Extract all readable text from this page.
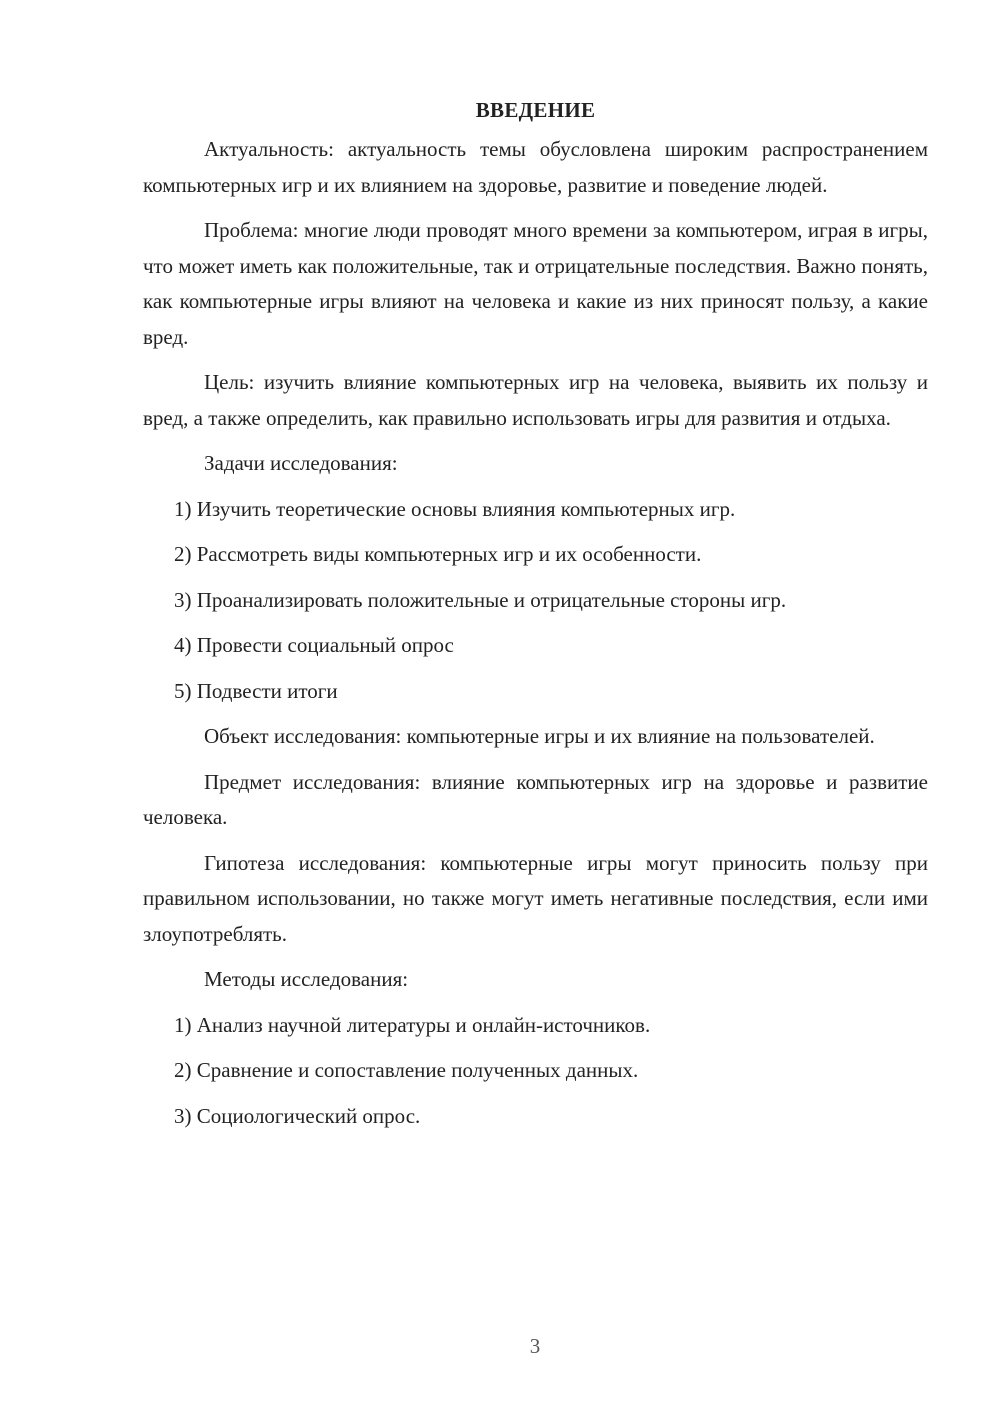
ВВЕДЕНИЕ

Актуальность: актуальность темы обусловлена широким распространением компьютерных игр и их влиянием на здоровье, развитие и поведение людей.

Проблема: многие люди проводят много времени за компьютером, играя в игры, что может иметь как положительные, так и отрицательные последствия. Важно понять, как компьютерные игры влияют на человека и какие из них приносят пользу, а какие вред.

Цель: изучить влияние компьютерных игр на человека, выявить их пользу и вред, а также определить, как правильно использовать игры для развития и отдыха.

Задачи исследования:

1) Изучить теоретические основы влияния компьютерных игр.
2) Рассмотреть виды компьютерных игр и их особенности.
3) Проанализировать положительные и отрицательные стороны игр.
4) Провести социальный опрос
5) Подвести итоги

Объект исследования: компьютерные игры и их влияние на пользователей.

Предмет исследования: влияние компьютерных игр на здоровье и развитие человека.

Гипотеза исследования: компьютерные игры могут приносить пользу при правильном использовании, но также могут иметь негативные последствия, если ими злоупотреблять.

Методы исследования:

1) Анализ научной литературы и онлайн-источников.
2) Сравнение и сопоставление полученных данных.
3) Социологический опрос.
3
